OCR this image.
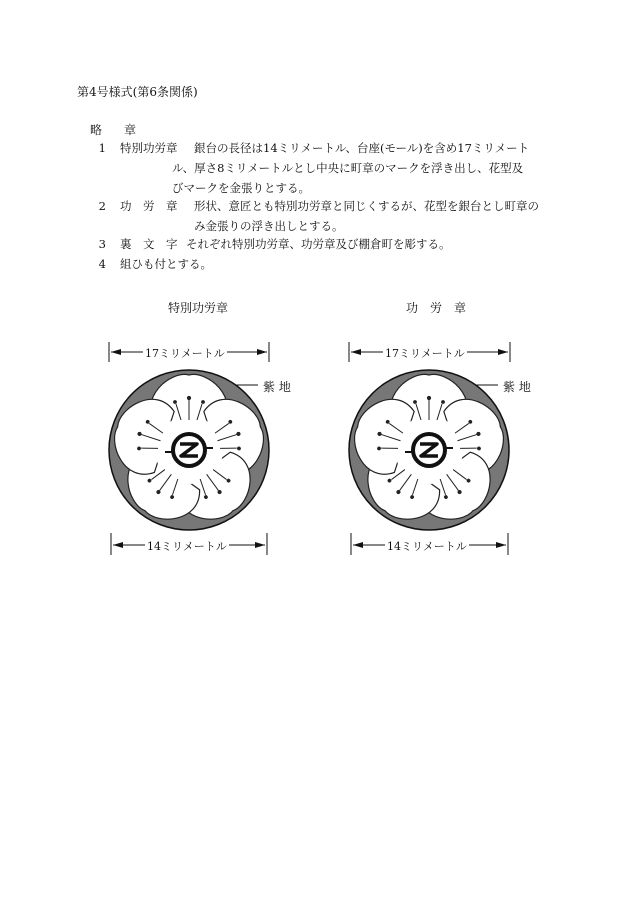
第4号様式(第6条関係)
略 章
1 特別功労章 銀台の長径は14ミリメートル、台座(モール)を含め17ミリメート
ル、厚さ8ミリメートルとし中央に町章のマークを浮き出し、花型及
びマークを金張りとする。
2 功　労　章 形状、意匠とも特別功労章と同じくするが、花型を銀台とし町章の
み金張りの浮き出しとする。
3 裏　文　字 それぞれ特別功労章、功労章及び棚倉町を彫する。
4 組ひも付とする。
特別功労章	功　労　章
17ミリメートル
14ミリメートル
紫 地
17ミリメートル
14ミリメートル
紫 地
